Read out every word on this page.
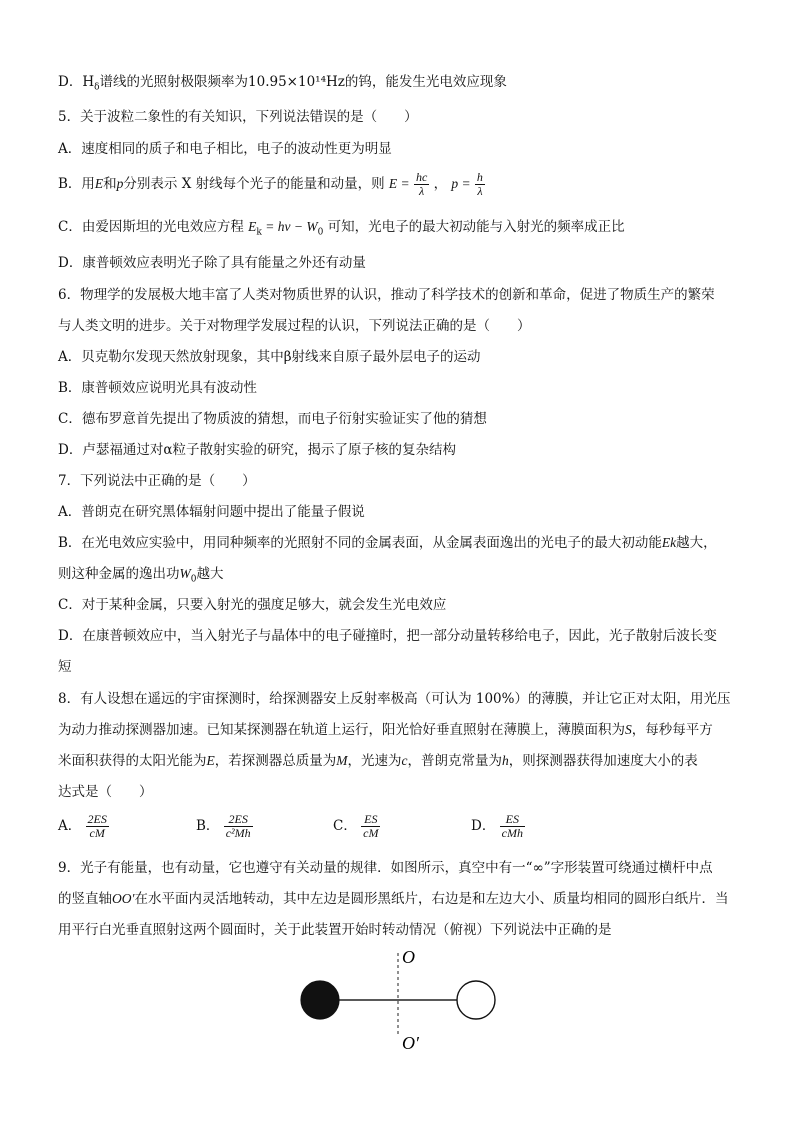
D．$H_\delta$谱线的光照射极限频率为10.95×10¹⁴Hz的钨，能发生光电效应现象
5．关于波粒二象性的有关知识，下列说法错误的是（　　）
A．速度相同的质子和电子相比，电子的波动性更为明显
B．用E和p分别表示 X 射线每个光子的能量和动量，则 $E = \frac{hc}{\lambda}$ ， $p = \frac{h}{\lambda}$
C．由爱因斯坦的光电效应方程 $E_k = h\nu - W_0$ 可知，光电子的最大初动能与入射光的频率成正比
D．康普顿效应表明光子除了具有能量之外还有动量
6．物理学的发展极大地丰富了人类对物质世界的认识，推动了科学技术的创新和革命，促进了物质生产的繁荣
与人类文明的进步。关于对物理学发展过程的认识，下列说法正确的是（　　）
A．贝克勒尔发现天然放射现象，其中β射线来自原子最外层电子的运动
B．康普顿效应说明光具有波动性
C．德布罗意首先提出了物质波的猜想，而电子衍射实验证实了他的猜想
D．卢瑟福通过对α粒子散射实验的研究，揭示了原子核的复杂结构
7．下列说法中正确的是（　　）
A．普朗克在研究黑体辐射问题中提出了能量子假说
B．在光电效应实验中，用同种频率的光照射不同的金属表面，从金属表面逸出的光电子的最大初动能Ek越大，
则这种金属的逸出功$W_0$越大
C．对于某种金属，只要入射光的强度足够大，就会发生光电效应
D．在康普顿效应中，当入射光子与晶体中的电子碰撞时，把一部分动量转移给电子，因此，光子散射后波长变
短
8．有人设想在遥远的宇宙探测时，给探测器安上反射率极高（可认为 100%）的薄膜，并让它正对太阳，用光压
为动力推动探测器加速。已知某探测器在轨道上运行，阳光恰好垂直照射在薄膜上，薄膜面积为S，每秒每平方
米面积获得的太阳光能为E，若探测器总质量为M，光速为c，普朗克常量为h，则探测器获得加速度大小的表
达式是（　　）
A． $\frac{2ES}{cM}$	B． $\frac{2ES}{\text{c²Mh}}$	C． $\frac{ES}{cM}$	D． $\frac{ES}{\text{cMh}}$
9．光子有能量，也有动量，它也遵守有关动量的规律．如图所示，真空中有一“∞”字形装置可绕通过横杆中点
的竖直轴OO′在水平面内灵活地转动，其中左边是圆形黑纸片，右边是和左边大小、质量均相同的圆形白纸片．当
用平行白光垂直照射这两个圆面时，关于此装置开始时转动情况（俯视）下列说法中正确的是
O
O′
